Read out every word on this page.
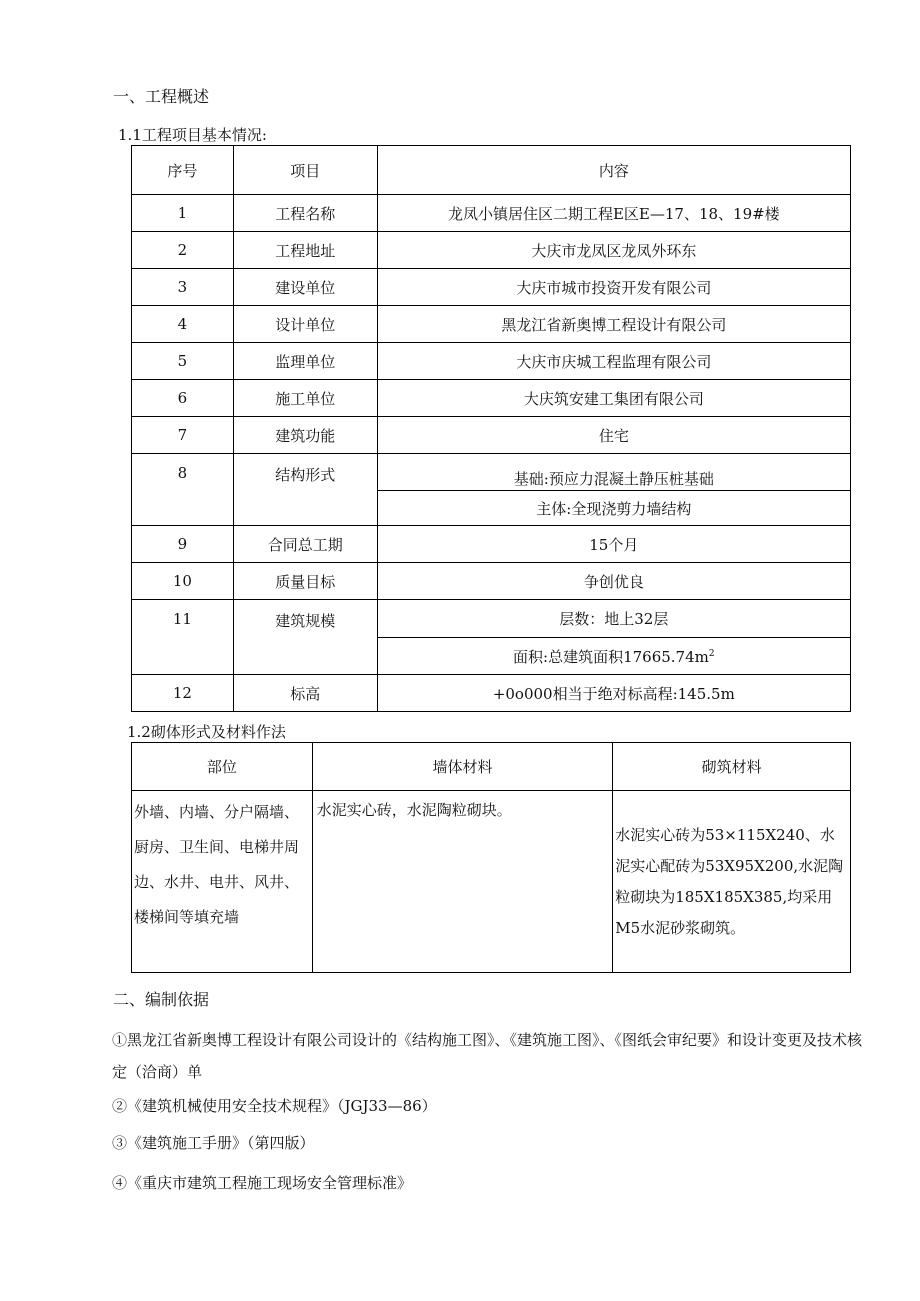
一、工程概述
1.1工程项目基本情况:
序号	项目	内容
1	工程名称	龙凤小镇居住区二期工程E区E—17、18、19#楼
2	工程地址	大庆市龙凤区龙凤外环东
3	建设单位	大庆市城市投资开发有限公司
4	设计单位	黑龙江省新奥博工程设计有限公司
5	监理单位	大庆市庆城工程监理有限公司
6	施工单位	大庆筑安建工集团有限公司
7	建筑功能	住宅
8	结构形式	基础:预应力混凝土静压桩基础
		主体:全现浇剪力墙结构
9	合同总工期	15个月
10	质量目标	争创优良
11	建筑规模	层数：地上32层
		面积:总建筑面积$17665.74m^2$
12	标高	+0o000相当于绝对标高程:145.5m
1.2砌体形式及材料作法
部位	墙体材料	砌筑材料
外墙、内墙、分户隔墙、厨房、卫生间、电梯井周边、水井、电井、风井、楼梯间等填充墙	水泥实心砖，水泥陶粒砌块。	水泥实心砖为53×115X240、水泥实心配砖为53X95X200,水泥陶粒砌块为185X185X385,均采用M5水泥砂浆砌筑。
二、编制依据
①黑龙江省新奥博工程设计有限公司设计的《结构施工图》、《建筑施工图》、《图纸会审纪要》和设计变更及技术核定（洽商）单
②《建筑机械使用安全技术规程》（JGJ33—86）
③《建筑施工手册》（第四版）
④《重庆市建筑工程施工现场安全管理标准》
